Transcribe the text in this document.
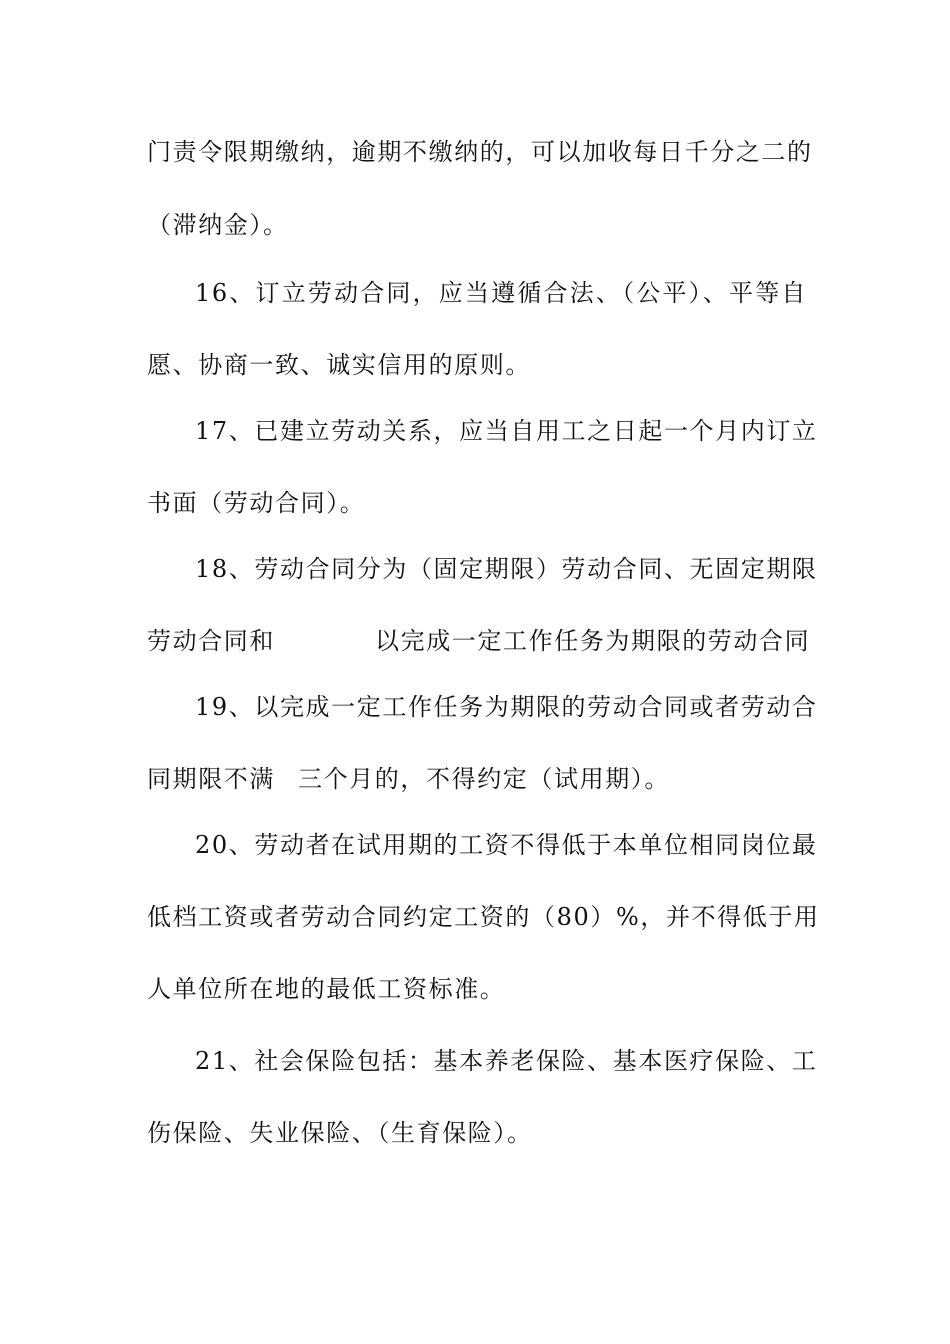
门责令限期缴纳，逾期不缴纳的，可以加收每日千分之二的
（滞纳金）。
16、订立劳动合同，应当遵循合法、（公平）、平等自
愿、协商一致、诚实信用的原则。
17、已建立劳动关系，应当自用工之日起一个月内订立
书面（劳动合同）。
18、劳动合同分为（固定期限）劳动合同、无固定期限
劳动合同和	以完成一定工作任务为期限的劳动合同
19、以完成一定工作任务为期限的劳动合同或者劳动合
同期限不满 三个月的，不得约定（试用期）。
20、劳动者在试用期的工资不得低于本单位相同岗位最
低档工资或者劳动合同约定工资的（80）%，并不得低于用
人单位所在地的最低工资标准。
21、社会保险包括：基本养老保险、基本医疗保险、工
伤保险、失业保险、（生育保险）。
